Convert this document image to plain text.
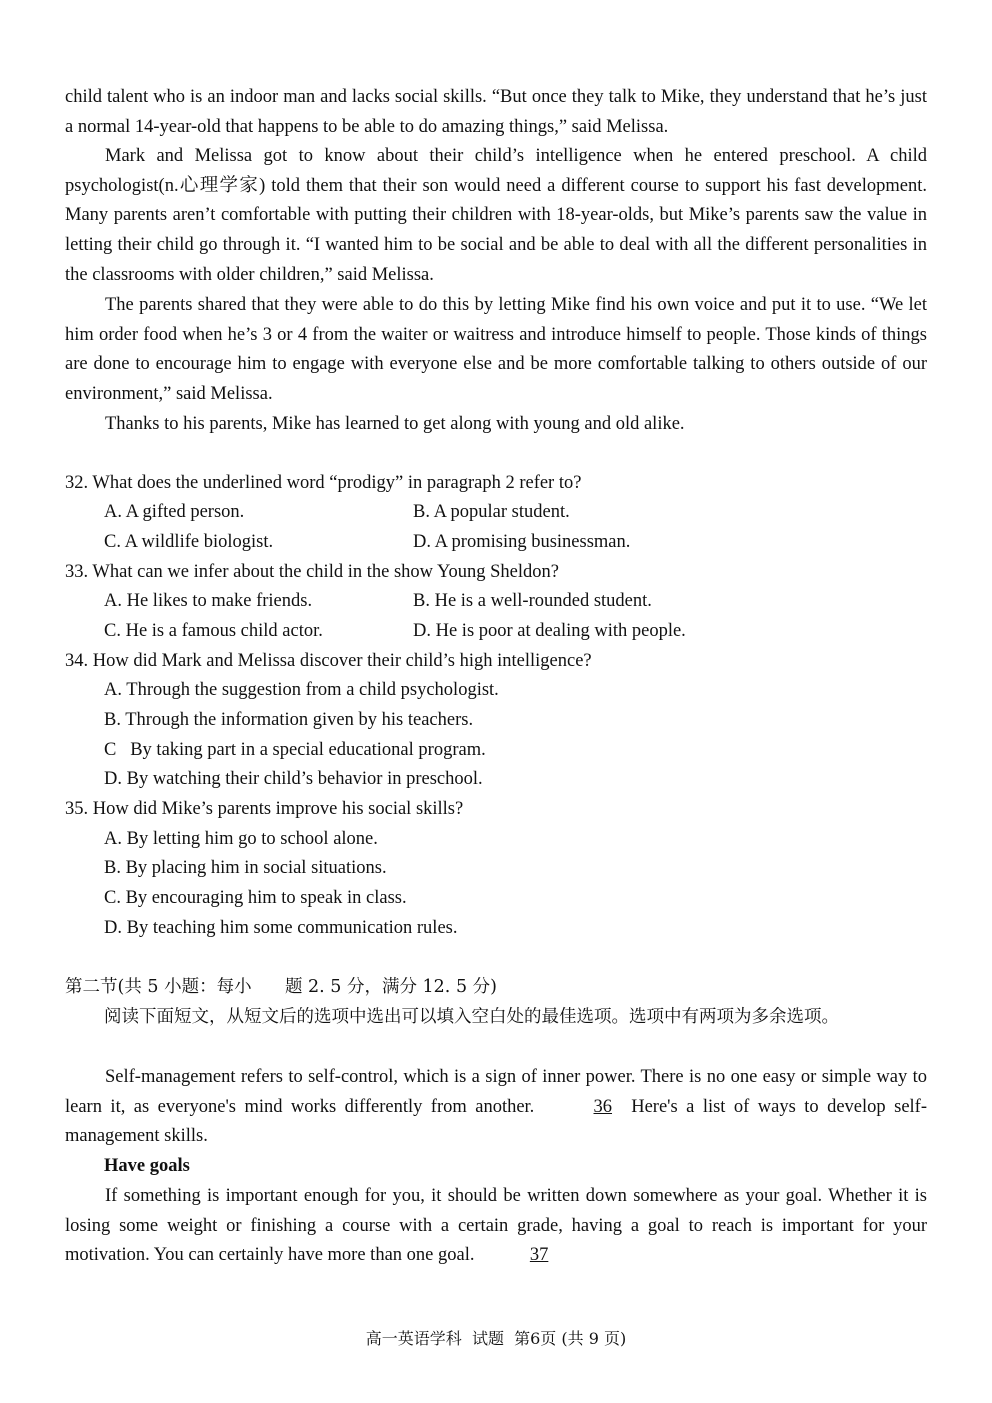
child talent who is an indoor man and lacks social skills. “But once they talk to Mike, they understand that he’s just a normal 14-year-old that happens to be able to do amazing things,” said Melissa.

Mark and Melissa got to know about their child’s intelligence when he entered preschool. A child psychologist(n.心理学家) told them that their son would need a different course to support his fast development. Many parents aren’t comfortable with putting their children with 18-year-olds, but Mike’s parents saw the value in letting their child go through it. “I wanted him to be social and be able to deal with all the different personalities in the classrooms with older children,” said Melissa.

The parents shared that they were able to do this by letting Mike find his own voice and put it to use. “We let him order food when he’s 3 or 4 from the waiter or waitress and introduce himself to people. Those kinds of things are done to encourage him to engage with everyone else and be more comfortable talking to others outside of our environment,” said Melissa.

Thanks to his parents, Mike has learned to get along with young and old alike.

32. What does the underlined word “prodigy” in paragraph 2 refer to?
A. A gifted person.	B. A popular student.
C. A wildlife biologist.	D. A promising businessman.
33. What can we infer about the child in the show Young Sheldon?
A. He likes to make friends.	B. He is a well-rounded student.
C. He is a famous child actor.	D. He is poor at dealing with people.
34. How did Mark and Melissa discover their child’s high intelligence?
A. Through the suggestion from a child psychologist.
B. Through the information given by his teachers.
C   By taking part in a special educational program.
D. By watching their child’s behavior in preschool.
35. How did Mike’s parents improve his social skills?
A. By letting him go to school alone.
B. By placing him in social situations.
C. By encouraging him to speak in class.
D. By teaching him some communication rules.
第二节(共 5 小题：每小      题 2. 5 分，满分 12. 5 分)
阅读下面短文，从短文后的选项中选出可以填入空白处的最佳选项。选项中有两项为多余选项。

Self-management refers to self-control, which is a sign of inner power. There is no one easy or simple way to learn it, as everyone's mind works differently from another.	36 Here's a list of ways to develop self-management skills.

Have goals

If something is important enough for you, it should be written down somewhere as your goal. Whether it is losing some weight or finishing a course with a certain grade, having a goal to reach is important for your motivation. You can certainly have more than one goal.	37

高一英语学科  试题  第6页 (共 9 页)
